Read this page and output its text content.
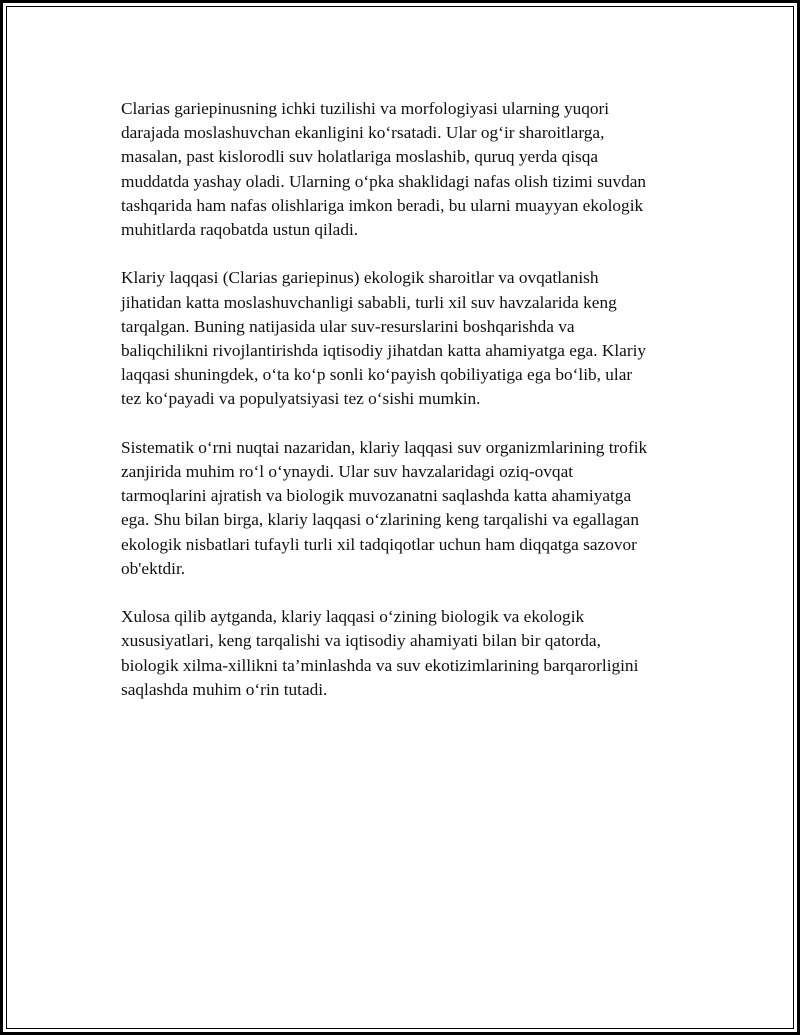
Clarias gariepinusning ichki tuzilishi va morfologiyasi ularning yuqori
darajada moslashuvchan ekanligini ko‘rsatadi. Ular og‘ir sharoitlarga,
masalan, past kislorodli suv holatlariga moslashib, quruq yerda qisqa
muddatda yashay oladi. Ularning o‘pka shaklidagi nafas olish tizimi suvdan
tashqarida ham nafas olishlariga imkon beradi, bu ularni muayyan ekologik
muhitlarda raqobatda ustun qiladi.

Klariy laqqasi (Clarias gariepinus) ekologik sharoitlar va ovqatlanish
jihatidan katta moslashuvchanligi sababli, turli xil suv havzalarida keng
tarqalgan. Buning natijasida ular suv-resurslarini boshqarishda va
baliqchilikni rivojlantirishda iqtisodiy jihatdan katta ahamiyatga ega. Klariy
laqqasi shuningdek, o‘ta ko‘p sonli ko‘payish qobiliyatiga ega bo‘lib, ular
tez ko‘payadi va populyatsiyasi tez o‘sishi mumkin.

Sistematik o‘rni nuqtai nazaridan, klariy laqqasi suv organizmlarining trofik
zanjirida muhim ro‘l o‘ynaydi. Ular suv havzalaridagi oziq-ovqat
tarmoqlarini ajratish va biologik muvozanatni saqlashda katta ahamiyatga
ega. Shu bilan birga, klariy laqqasi o‘zlarining keng tarqalishi va egallagan
ekologik nisbatlari tufayli turli xil tadqiqotlar uchun ham diqqatga sazovor
ob'ektdir.

Xulosa qilib aytganda, klariy laqqasi o‘zining biologik va ekologik
xususiyatlari, keng tarqalishi va iqtisodiy ahamiyati bilan bir qatorda,
biologik xilma-xillikni ta’minlashda va suv ekotizimlarining barqarorligini
saqlashda muhim o‘rin tutadi.
